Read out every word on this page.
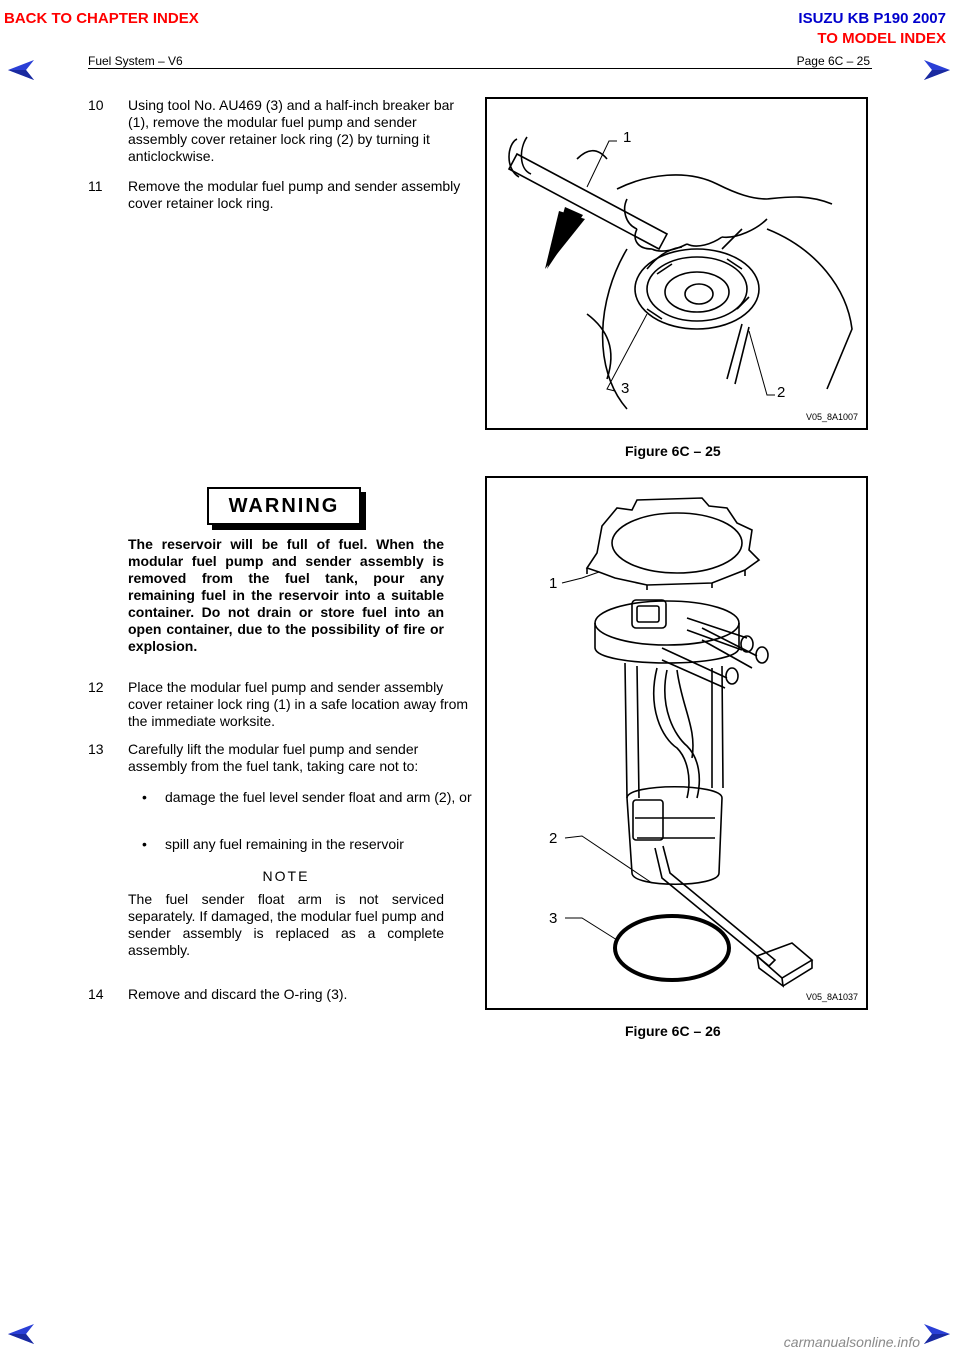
BACK TO CHAPTER INDEX	ISUZU KB P190 2007
TO MODEL INDEX
Fuel System – V6	Page 6C – 25
10 Using tool No. AU469 (3) and a half-inch breaker bar (1), remove the modular fuel pump and sender assembly cover retainer lock ring (2) by turning it anticlockwise.
11 Remove the modular fuel pump and sender assembly cover retainer lock ring.
1
3	2
V05_8A1007
Figure 6C – 25
WARNING
The reservoir will be full of fuel. When the modular fuel pump and sender assembly is removed from the fuel tank, pour any remaining fuel in the reservoir into a suitable container. Do not drain or store fuel into an open container, due to the possibility of fire or explosion.
12 Place the modular fuel pump and sender assembly cover retainer lock ring (1) in a safe location away from the immediate worksite.
13 Carefully lift the modular fuel pump and sender assembly from the fuel tank, taking care not to:
• damage the fuel level sender float and arm (2), or
• spill any fuel remaining in the reservoir
NOTE
The fuel sender float arm is not serviced separately. If damaged, the modular fuel pump and sender assembly is replaced as a complete assembly.
14 Remove and discard the O-ring (3).
1
2
3
V05_8A1037
Figure 6C – 26
carmanualsonline.info
